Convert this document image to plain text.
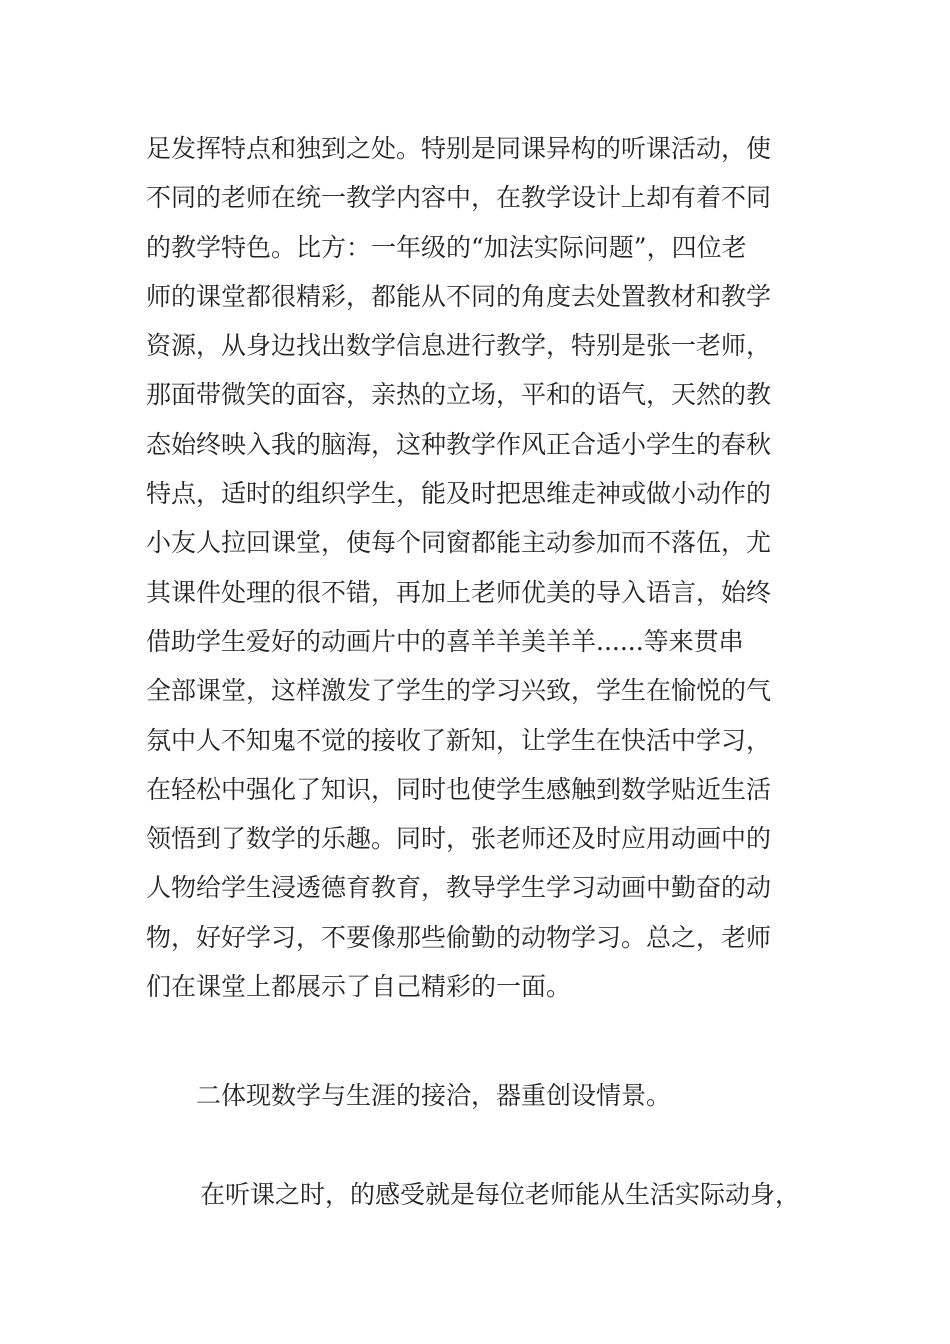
足发挥特点和独到之处。特别是同课异构的听课活动，使
不同的老师在统一教学内容中，在教学设计上却有着不同
的教学特色。比方：一年级的“加法实际问题”，四位老
师的课堂都很精彩，都能从不同的角度去处置教材和教学
资源，从身边找出数学信息进行教学，特别是张一老师，
那面带微笑的面容，亲热的立场，平和的语气，天然的教
态始终映入我的脑海，这种教学作风正合适小学生的春秋
特点，适时的组织学生，能及时把思维走神或做小动作的
小友人拉回课堂，使每个同窗都能主动参加而不落伍，尤
其课件处理的很不错，再加上老师优美的导入语言，始终
借助学生爱好的动画片中的喜羊羊美羊羊......等来贯串
全部课堂，这样激发了学生的学习兴致，学生在愉悦的气
氛中人不知鬼不觉的接收了新知，让学生在快活中学习，
在轻松中强化了知识，同时也使学生感触到数学贴近生活
领悟到了数学的乐趣。同时，张老师还及时应用动画中的
人物给学生浸透德育教育，教导学生学习动画中勤奋的动
物，好好学习，不要像那些偷勤的动物学习。总之，老师
们在课堂上都展示了自己精彩的一面。

二体现数学与生涯的接洽，器重创设情景。

在听课之时，的感受就是每位老师能从生活实际动身，
